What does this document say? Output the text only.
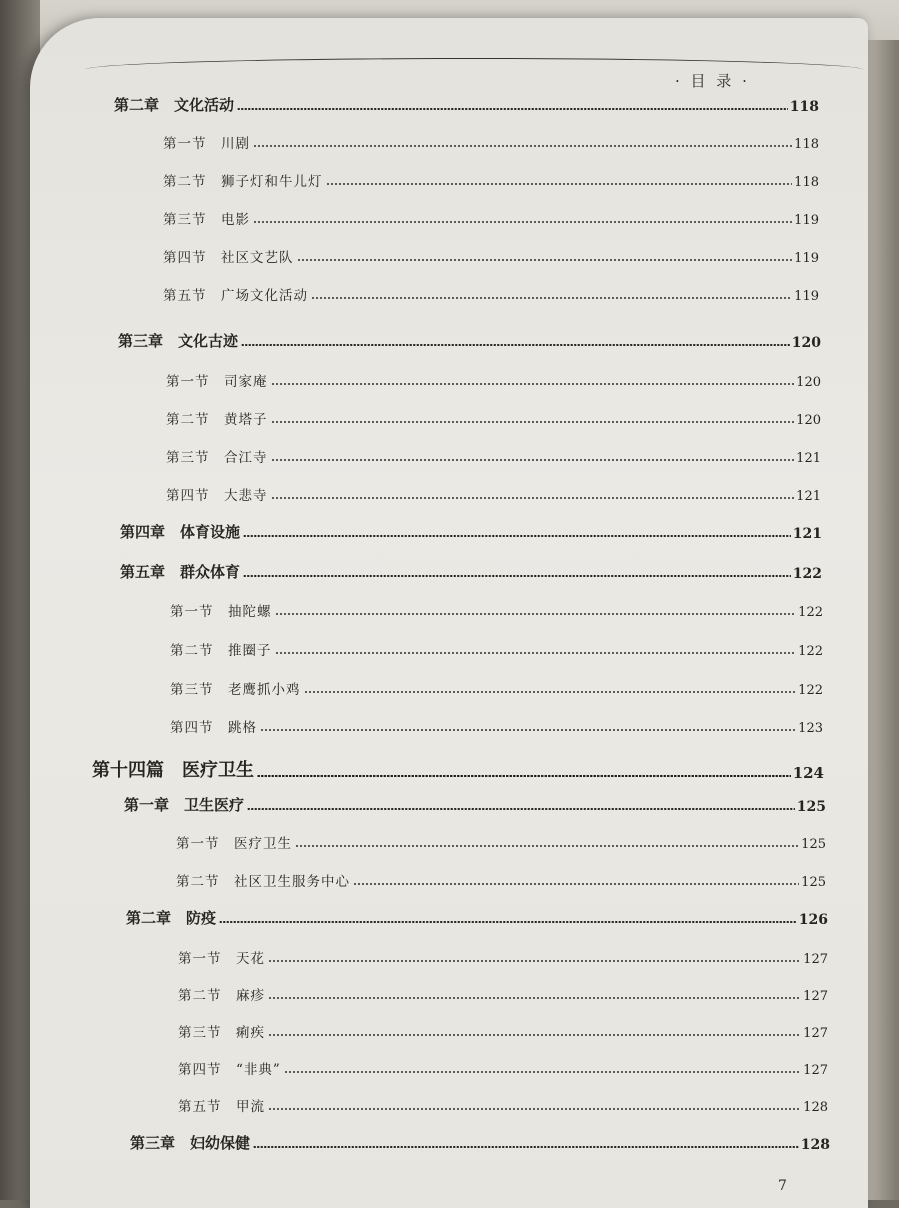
· 目 录 ·
第二章　文化活动	118
第一节　川剧	118
第二节　狮子灯和牛儿灯	118
第三节　电影	119
第四节　社区文艺队	119
第五节　广场文化活动	119
第三章　文化古迹	120
第一节　司家庵	120
第二节　黄塔子	120
第三节　合江寺	121
第四节　大悲寺	121
第四章　体育设施	121
第五章　群众体育	122
第一节　抽陀螺	122
第二节　推圈子	122
第三节　老鹰抓小鸡	122
第四节　跳格	123
第十四篇　医疗卫生	124
第一章　卫生医疗	125
第一节　医疗卫生	125
第二节　社区卫生服务中心	125
第二章　防疫	126
第一节　天花	127
第二节　麻疹	127
第三节　痢疾	127
第四节　“非典”	127
第五节　甲流	128
第三章　妇幼保健	128
7
